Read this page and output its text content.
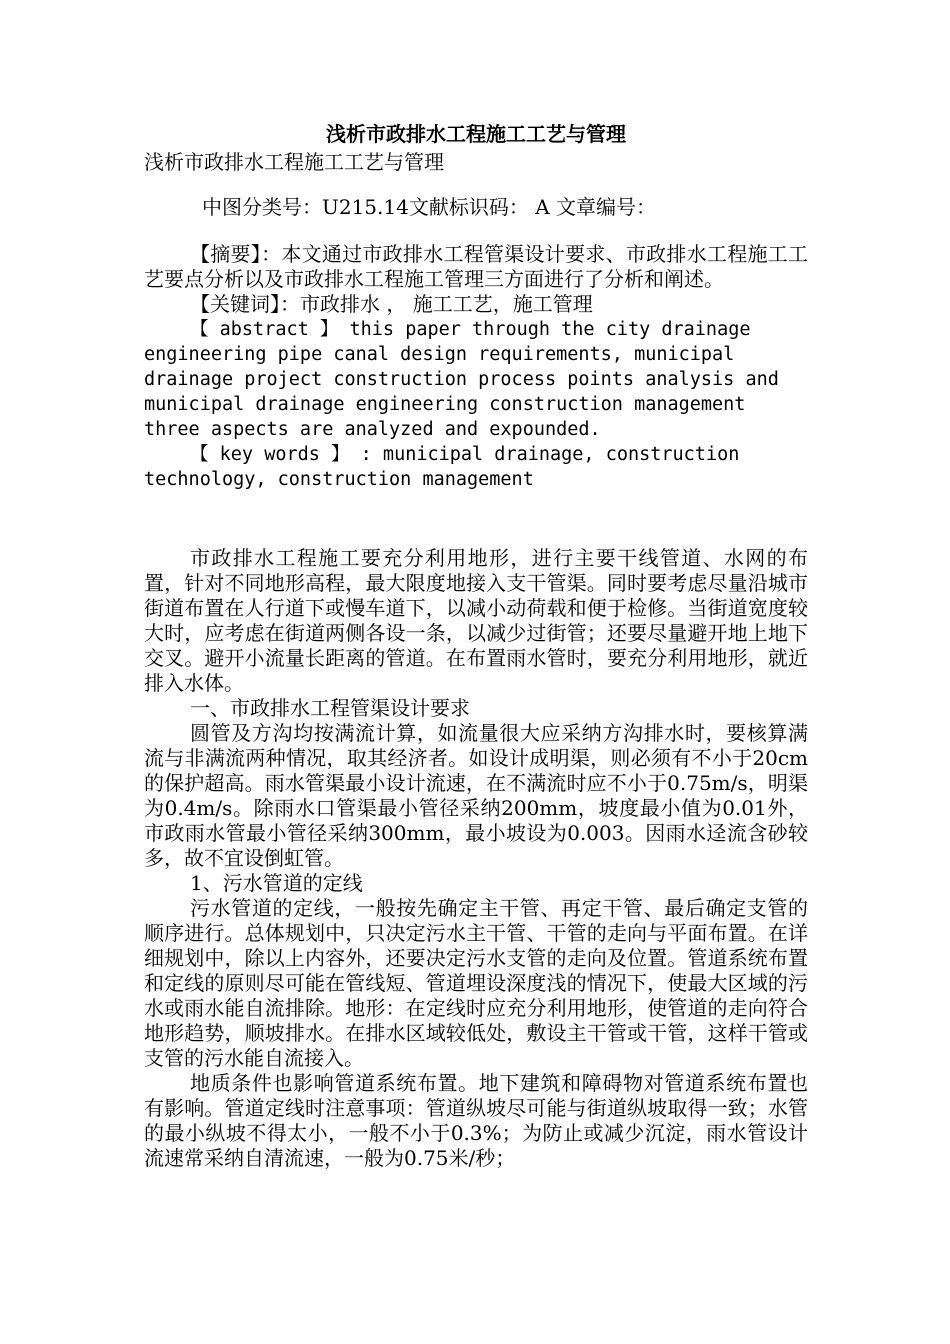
浅析市政排水工程施工工艺与管理

浅析市政排水工程施工工艺与管理

中图分类号：U215.14文献标识码： A 文章编号：

【摘要】：本文通过市政排水工程管渠设计要求、市政排水工程施工工艺要点分析以及市政排水工程施工管理三方面进行了分析和阐述。

【关键词】：市政排水 ， 施工工艺，施工管理

【 abstract 】 this paper through the city drainage engineering pipe canal design requirements, municipal drainage project construction process points analysis and municipal drainage engineering construction management three aspects are analyzed and expounded.

【 key words 】 : municipal drainage, construction technology, construction management

市政排水工程施工要充分利用地形，进行主要干线管道、水网的布置，针对不同地形高程，最大限度地接入支干管渠。同时要考虑尽量沿城市街道布置在人行道下或慢车道下，以减小动荷载和便于检修。当街道宽度较大时，应考虑在街道两侧各设一条，以减少过街管；还要尽量避开地上地下交叉。避开小流量长距离的管道。在布置雨水管时，要充分利用地形，就近排入水体。

一、市政排水工程管渠设计要求

圆管及方沟均按满流计算，如流量很大应采纳方沟排水时，要核算满流与非满流两种情况，取其经济者。如设计成明渠，则必须有不小于20cm的保护超高。雨水管渠最小设计流速，在不满流时应不小于0.75m/s，明渠为0.4m/s。除雨水口管渠最小管径采纳200mm，坡度最小值为0.01外，市政雨水管最小管径采纳300mm，最小坡设为0.003。因雨水迳流含砂较多，故不宜设倒虹管。

1、污水管道的定线

污水管道的定线，一般按先确定主干管、再定干管、最后确定支管的顺序进行。总体规划中，只决定污水主干管、干管的走向与平面布置。在详细规划中，除以上内容外，还要决定污水支管的走向及位置。管道系统布置和定线的原则尽可能在管线短、管道埋设深度浅的情况下，使最大区域的污水或雨水能自流排除。地形：在定线时应充分利用地形，使管道的走向符合地形趋势，顺坡排水。在排水区域较低处，敷设主干管或干管，这样干管或支管的污水能自流接入。

地质条件也影响管道系统布置。地下建筑和障碍物对管道系统布置也有影响。管道定线时注意事项：管道纵坡尽可能与街道纵坡取得一致；水管的最小纵坡不得太小，一般不小于0.3%；为防止或减少沉淀，雨水管设计流速常采纳自清流速，一般为0.75米/秒；
